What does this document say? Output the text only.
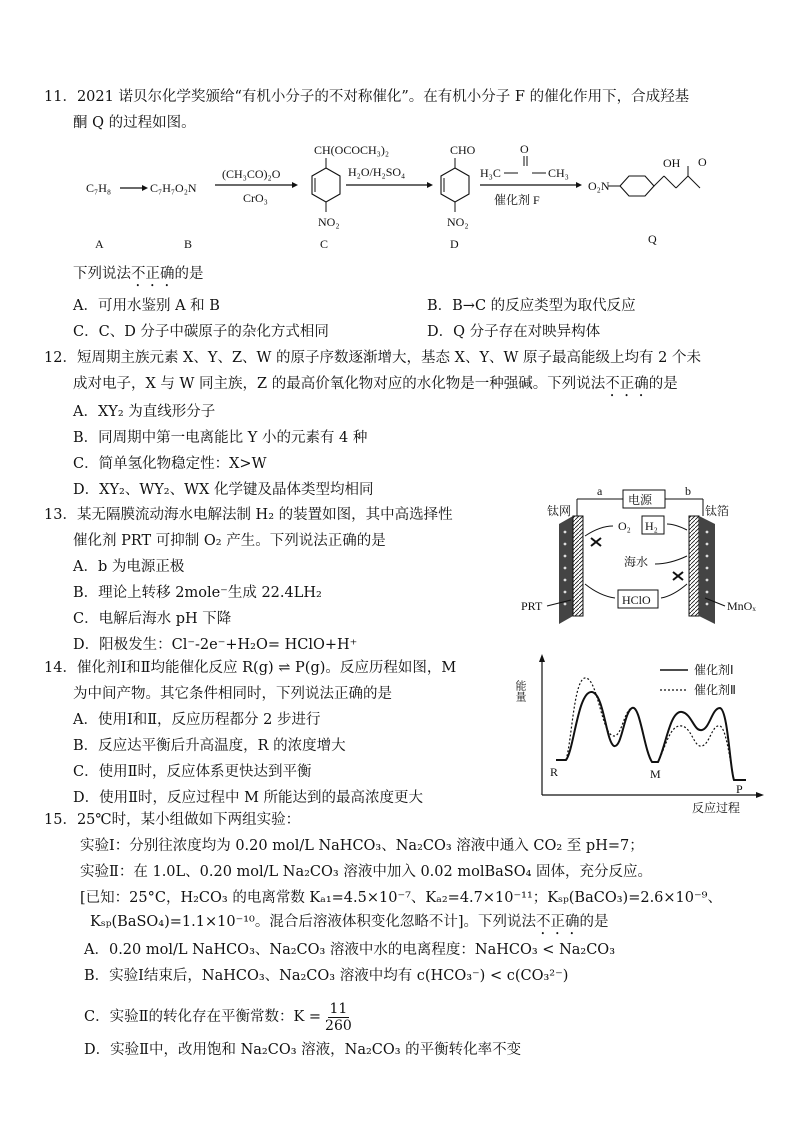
11．2021 诺贝尔化学奖颁给“有机小分子的不对称催化”。在有机小分子 F 的催化作用下，合成羟基
酮 Q 的过程如图。
C₇H₈	C₇H₇O₂N
(CH₃CO)₂O
CrO₃
CH(OCOCH₃)₂
NO₂
H₂O/H₂SO₄
CHO
NO₂
O
H₃C	CH₃
催化剂 F
O₂N
OH O
A	B	C	D	Q
下列说法不正确的是
A．可用水鉴别 A 和 B	B．B→C 的反应类型为取代反应
C．C、D 分子中碳原子的杂化方式相同	D．Q 分子存在对映异构体
12．短周期主族元素 X、Y、Z、W 的原子序数逐渐增大，基态 X、Y、W 原子最高能级上均有 2 个未
成对电子，X 与 W 同主族，Z 的最高价氧化物对应的水化物是一种强碱。下列说法不正确的是
A．XY₂ 为直线形分子
B．同周期中第一电离能比 Y 小的元素有 4 种
C．简单氢化物稳定性：X>W
D．XY₂、WY₂、WX 化学键及晶体类型均相同
13．某无隔膜流动海水电解法制 H₂ 的装置如图，其中高选择性
催化剂 PRT 可抑制 O₂ 产生。下列说法正确的是
A．b 为电源正极
B．理论上转移 2mole⁻生成 22.4LH₂
C．电解后海水 pH 下降
D．阳极发生：Cl⁻-2e⁻+H₂O= HClO+H⁺
a	b
电源
钛网	钛箔
O₂ H₂
海水
HClO
PRT	MnOₓ
14．催化剂Ⅰ和Ⅱ均能催化反应 R(g) ⇌ P(g)。反应历程如图，M
为中间产物。其它条件相同时，下列说法正确的是
A．使用Ⅰ和Ⅱ，反应历程都分 2 步进行
B．反应达平衡后升高温度，R 的浓度增大
C．使用Ⅱ时，反应体系更快达到平衡
D．使用Ⅱ时，反应过程中 M 所能达到的最高浓度更大
能量
反应过程
催化剂Ⅰ
催化剂Ⅱ
R	M
P
15．25℃时，某小组做如下两组实验：
实验Ⅰ：分别往浓度均为 0.20 mol/L NaHCO₃、Na₂CO₃ 溶液中通入 CO₂ 至 pH=7；
实验Ⅱ：在 1.0L、0.20 mol/L Na₂CO₃ 溶液中加入 0.02 molBaSO₄ 固体，充分反应。
[已知：25°C，H₂CO₃ 的电离常数 Kₐ₁=4.5×10⁻⁷、Kₐ₂=4.7×10⁻¹¹；Kₛₚ(BaCO₃)=2.6×10⁻⁹、
Kₛₚ(BaSO₄)=1.1×10⁻¹⁰。混合后溶液体积变化忽略不计]。下列说法不正确的是
A．0.20 mol/L NaHCO₃、Na₂CO₃ 溶液中水的电离程度：NaHCO₃ < Na₂CO₃
B．实验Ⅰ结束后，NaHCO₃、Na₂CO₃ 溶液中均有 c(HCO₃⁻) < c(CO₃²⁻)
C．实验Ⅱ的转化存在平衡常数：$K = \frac{11}{260}$
D．实验Ⅱ中，改用饱和 Na₂CO₃ 溶液，Na₂CO₃ 的平衡转化率不变
